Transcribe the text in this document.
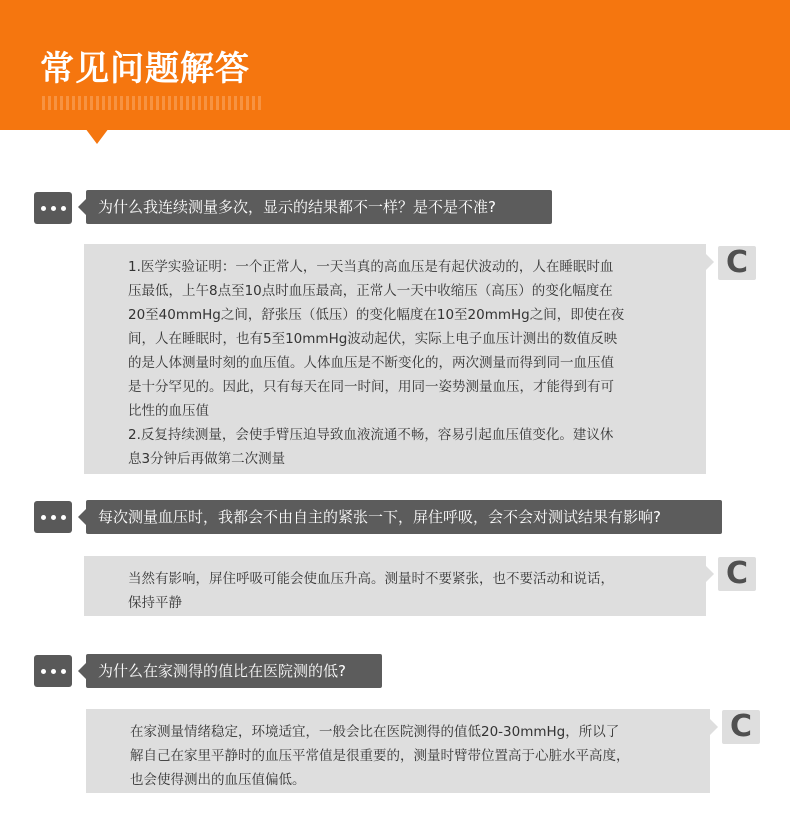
常见问题解答
为什么我连续测量多次，显示的结果都不一样？是不是不准?

1.医学实验证明：一个正常人，一天当真的高血压是有起伏波动的，人在睡眠时血

压最低，上午8点至10点时血压最高，正常人一天中收缩压（高压）的变化幅度在

20至40mmHg之间，舒张压（低压）的变化幅度在10至20mmHg之间，即使在夜

间，人在睡眠时，也有5至10mmHg波动起伏，实际上电子血压计测出的数值反映

的是人体测量时刻的血压值。人体血压是不断变化的，两次测量而得到同一血压值

是十分罕见的。因此，只有每天在同一时间，用同一姿势测量血压，才能得到有可

比性的血压值

2.反复持续测量，会使手臂压迫导致血液流通不畅，容易引起血压值变化。建议休

息3分钟后再做第二次测量

C
每次测量血压时，我都会不由自主的紧张一下，屏住呼吸，会不会对测试结果有影响?

当然有影响，屏住呼吸可能会使血压升高。测量时不要紧张，也不要活动和说话，

保持平静

C
为什么在家测得的值比在医院测的低?

在家测量情绪稳定，环境适宜，一般会比在医院测得的值低20-30mmHg，所以了

解自己在家里平静时的血压平常值是很重要的，测量时臂带位置高于心脏水平高度，

也会使得测出的血压值偏低。

C
